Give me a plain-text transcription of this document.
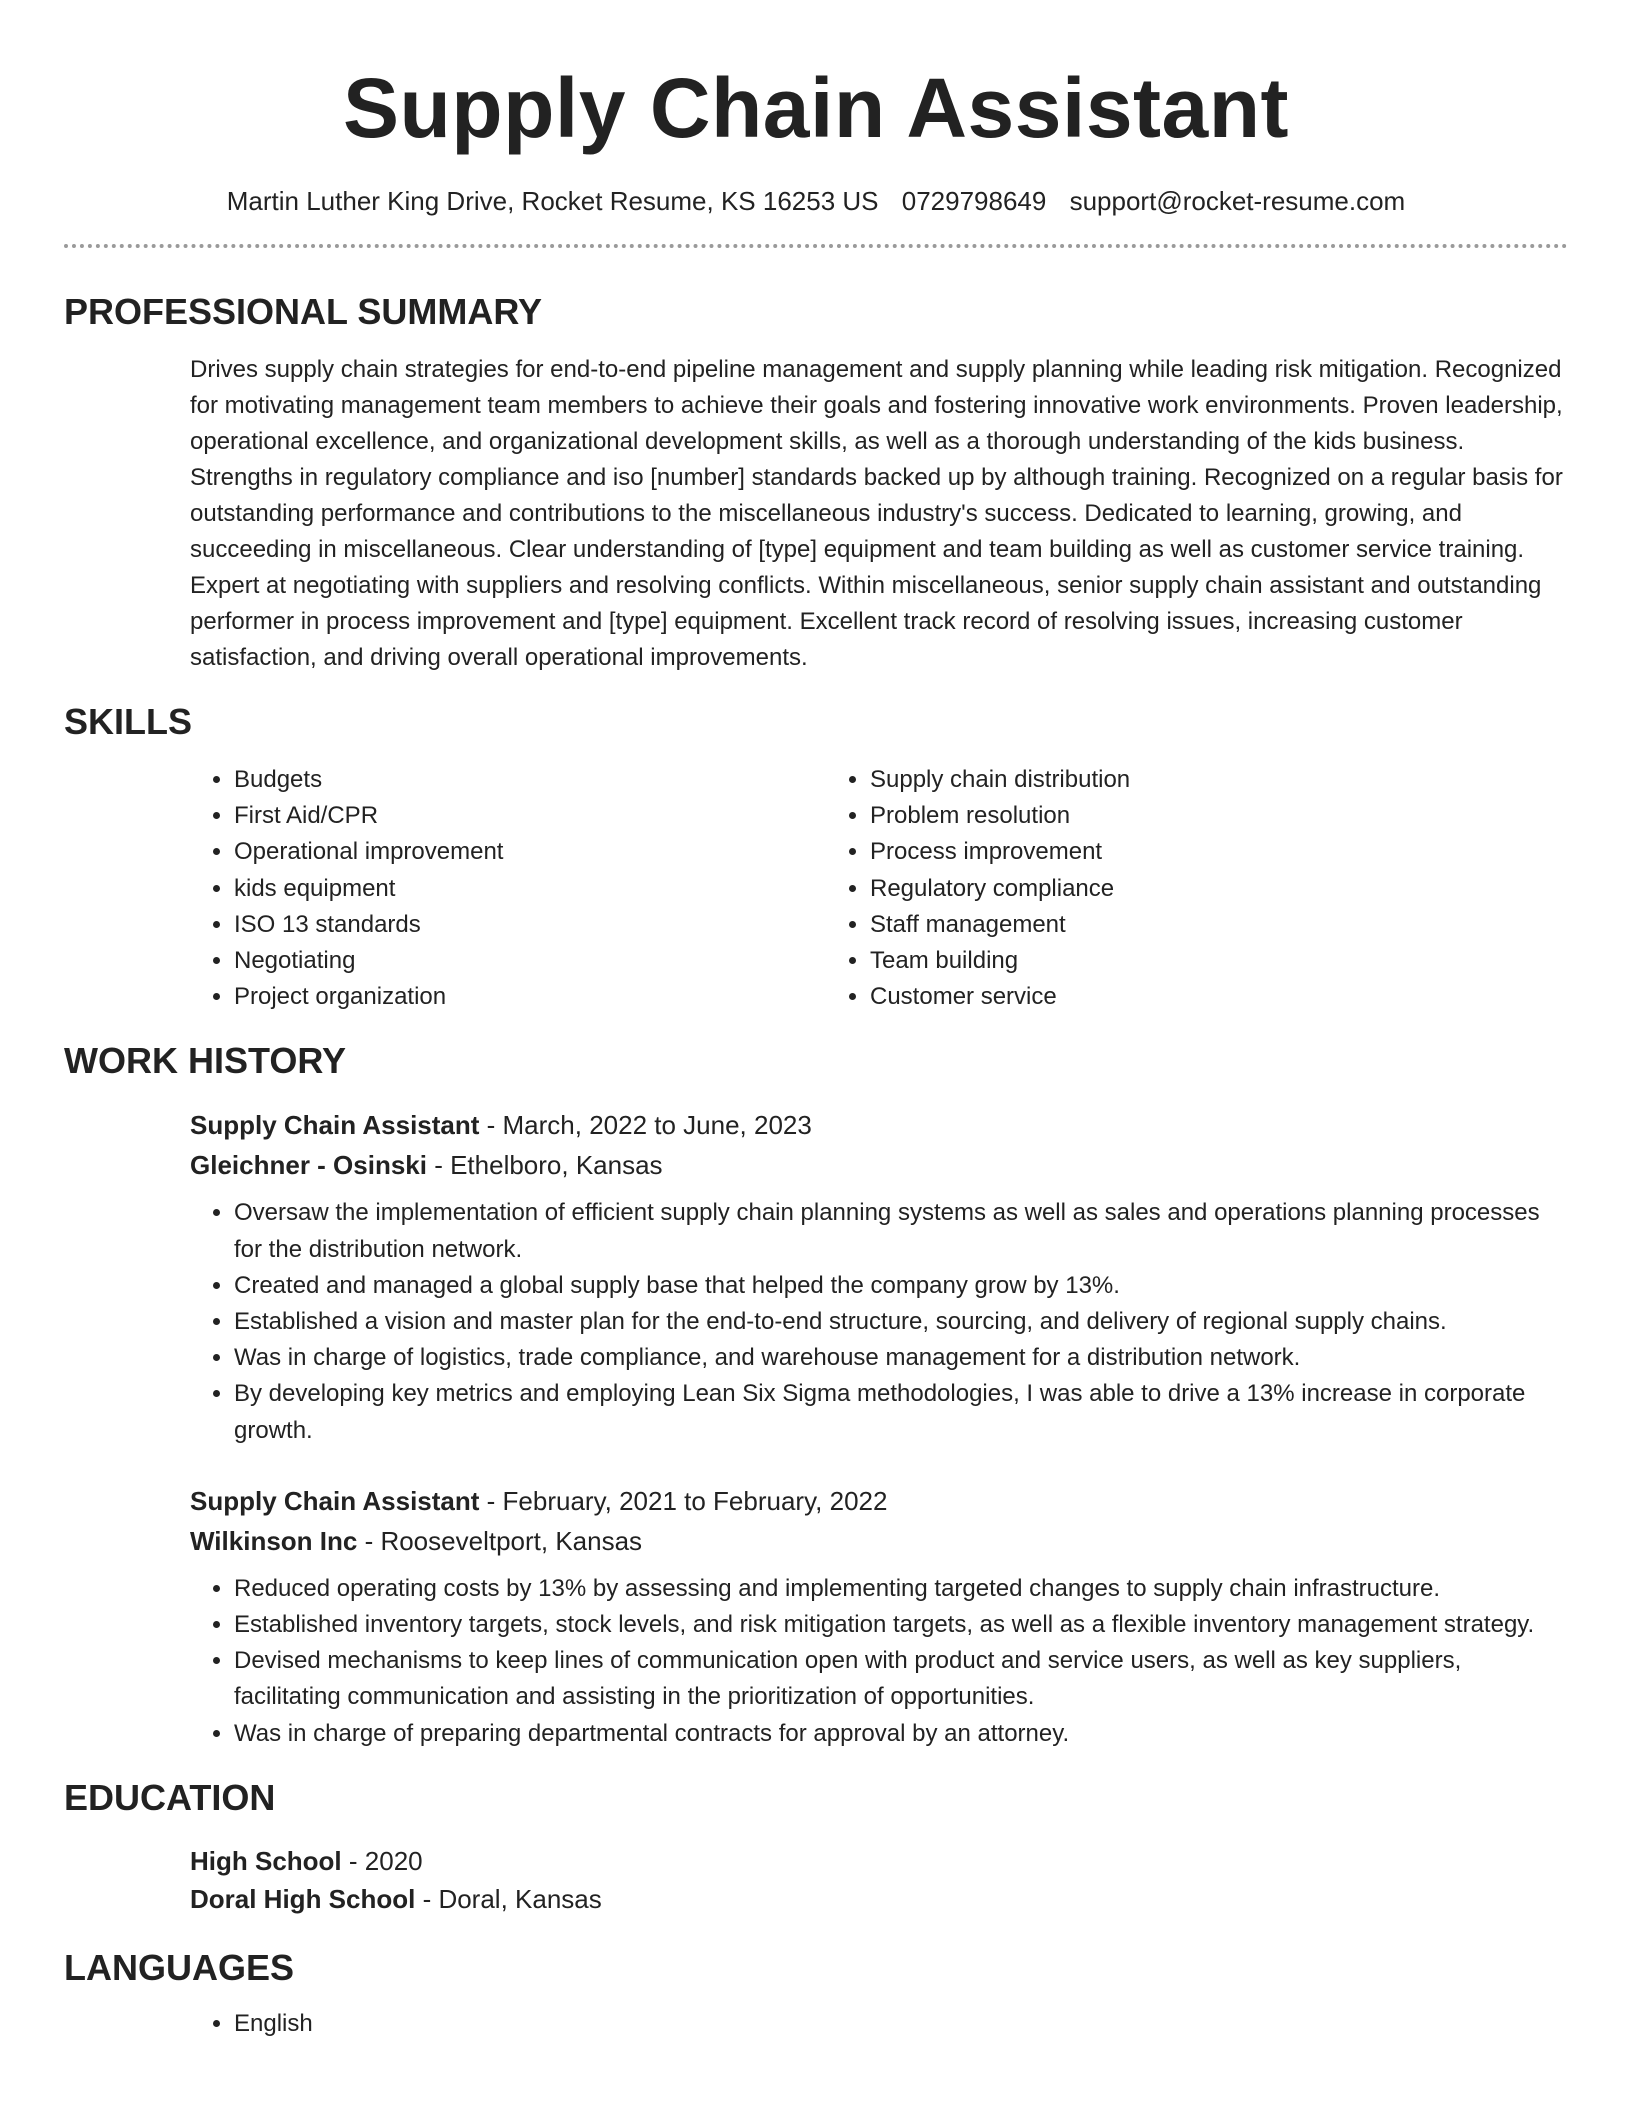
Supply Chain Assistant
Martin Luther King Drive, Rocket Resume, KS 16253 US 0729798649 support@rocket-resume.com
PROFESSIONAL SUMMARY

Drives supply chain strategies for end-to-end pipeline management and supply planning while leading risk mitigation. Recognized for motivating management team members to achieve their goals and fostering innovative work environments. Proven leadership, operational excellence, and organizational development skills, as well as a thorough understanding of the kids business. Strengths in regulatory compliance and iso [number] standards backed up by although training. Recognized on a regular basis for outstanding performance and contributions to the miscellaneous industry's success. Dedicated to learning, growing, and succeeding in miscellaneous. Clear understanding of [type] equipment and team building as well as customer service training. Expert at negotiating with suppliers and resolving conflicts. Within miscellaneous, senior supply chain assistant and outstanding performer in process improvement and [type] equipment. Excellent track record of resolving issues, increasing customer satisfaction, and driving overall operational improvements.

SKILLS
• Budgets
• First Aid/CPR
• Operational improvement
• kids equipment
• ISO 13 standards
• Negotiating
• Project organization
• Supply chain distribution
• Problem resolution
• Process improvement
• Regulatory compliance
• Staff management
• Team building
• Customer service
WORK HISTORY
Supply Chain Assistant - March, 2022 to June, 2023
Gleichner - Osinski - Ethelboro, Kansas
• Oversaw the implementation of efficient supply chain planning systems as well as sales and operations planning processes for the distribution network.
• Created and managed a global supply base that helped the company grow by 13%.
• Established a vision and master plan for the end-to-end structure, sourcing, and delivery of regional supply chains.
• Was in charge of logistics, trade compliance, and warehouse management for a distribution network.
• By developing key metrics and employing Lean Six Sigma methodologies, I was able to drive a 13% increase in corporate growth.
Supply Chain Assistant - February, 2021 to February, 2022
Wilkinson Inc - Rooseveltport, Kansas
• Reduced operating costs by 13% by assessing and implementing targeted changes to supply chain infrastructure.
• Established inventory targets, stock levels, and risk mitigation targets, as well as a flexible inventory management strategy.
• Devised mechanisms to keep lines of communication open with product and service users, as well as key suppliers, facilitating communication and assisting in the prioritization of opportunities.
• Was in charge of preparing departmental contracts for approval by an attorney.
EDUCATION
High School - 2020
Doral High School - Doral, Kansas
LANGUAGES
• English
